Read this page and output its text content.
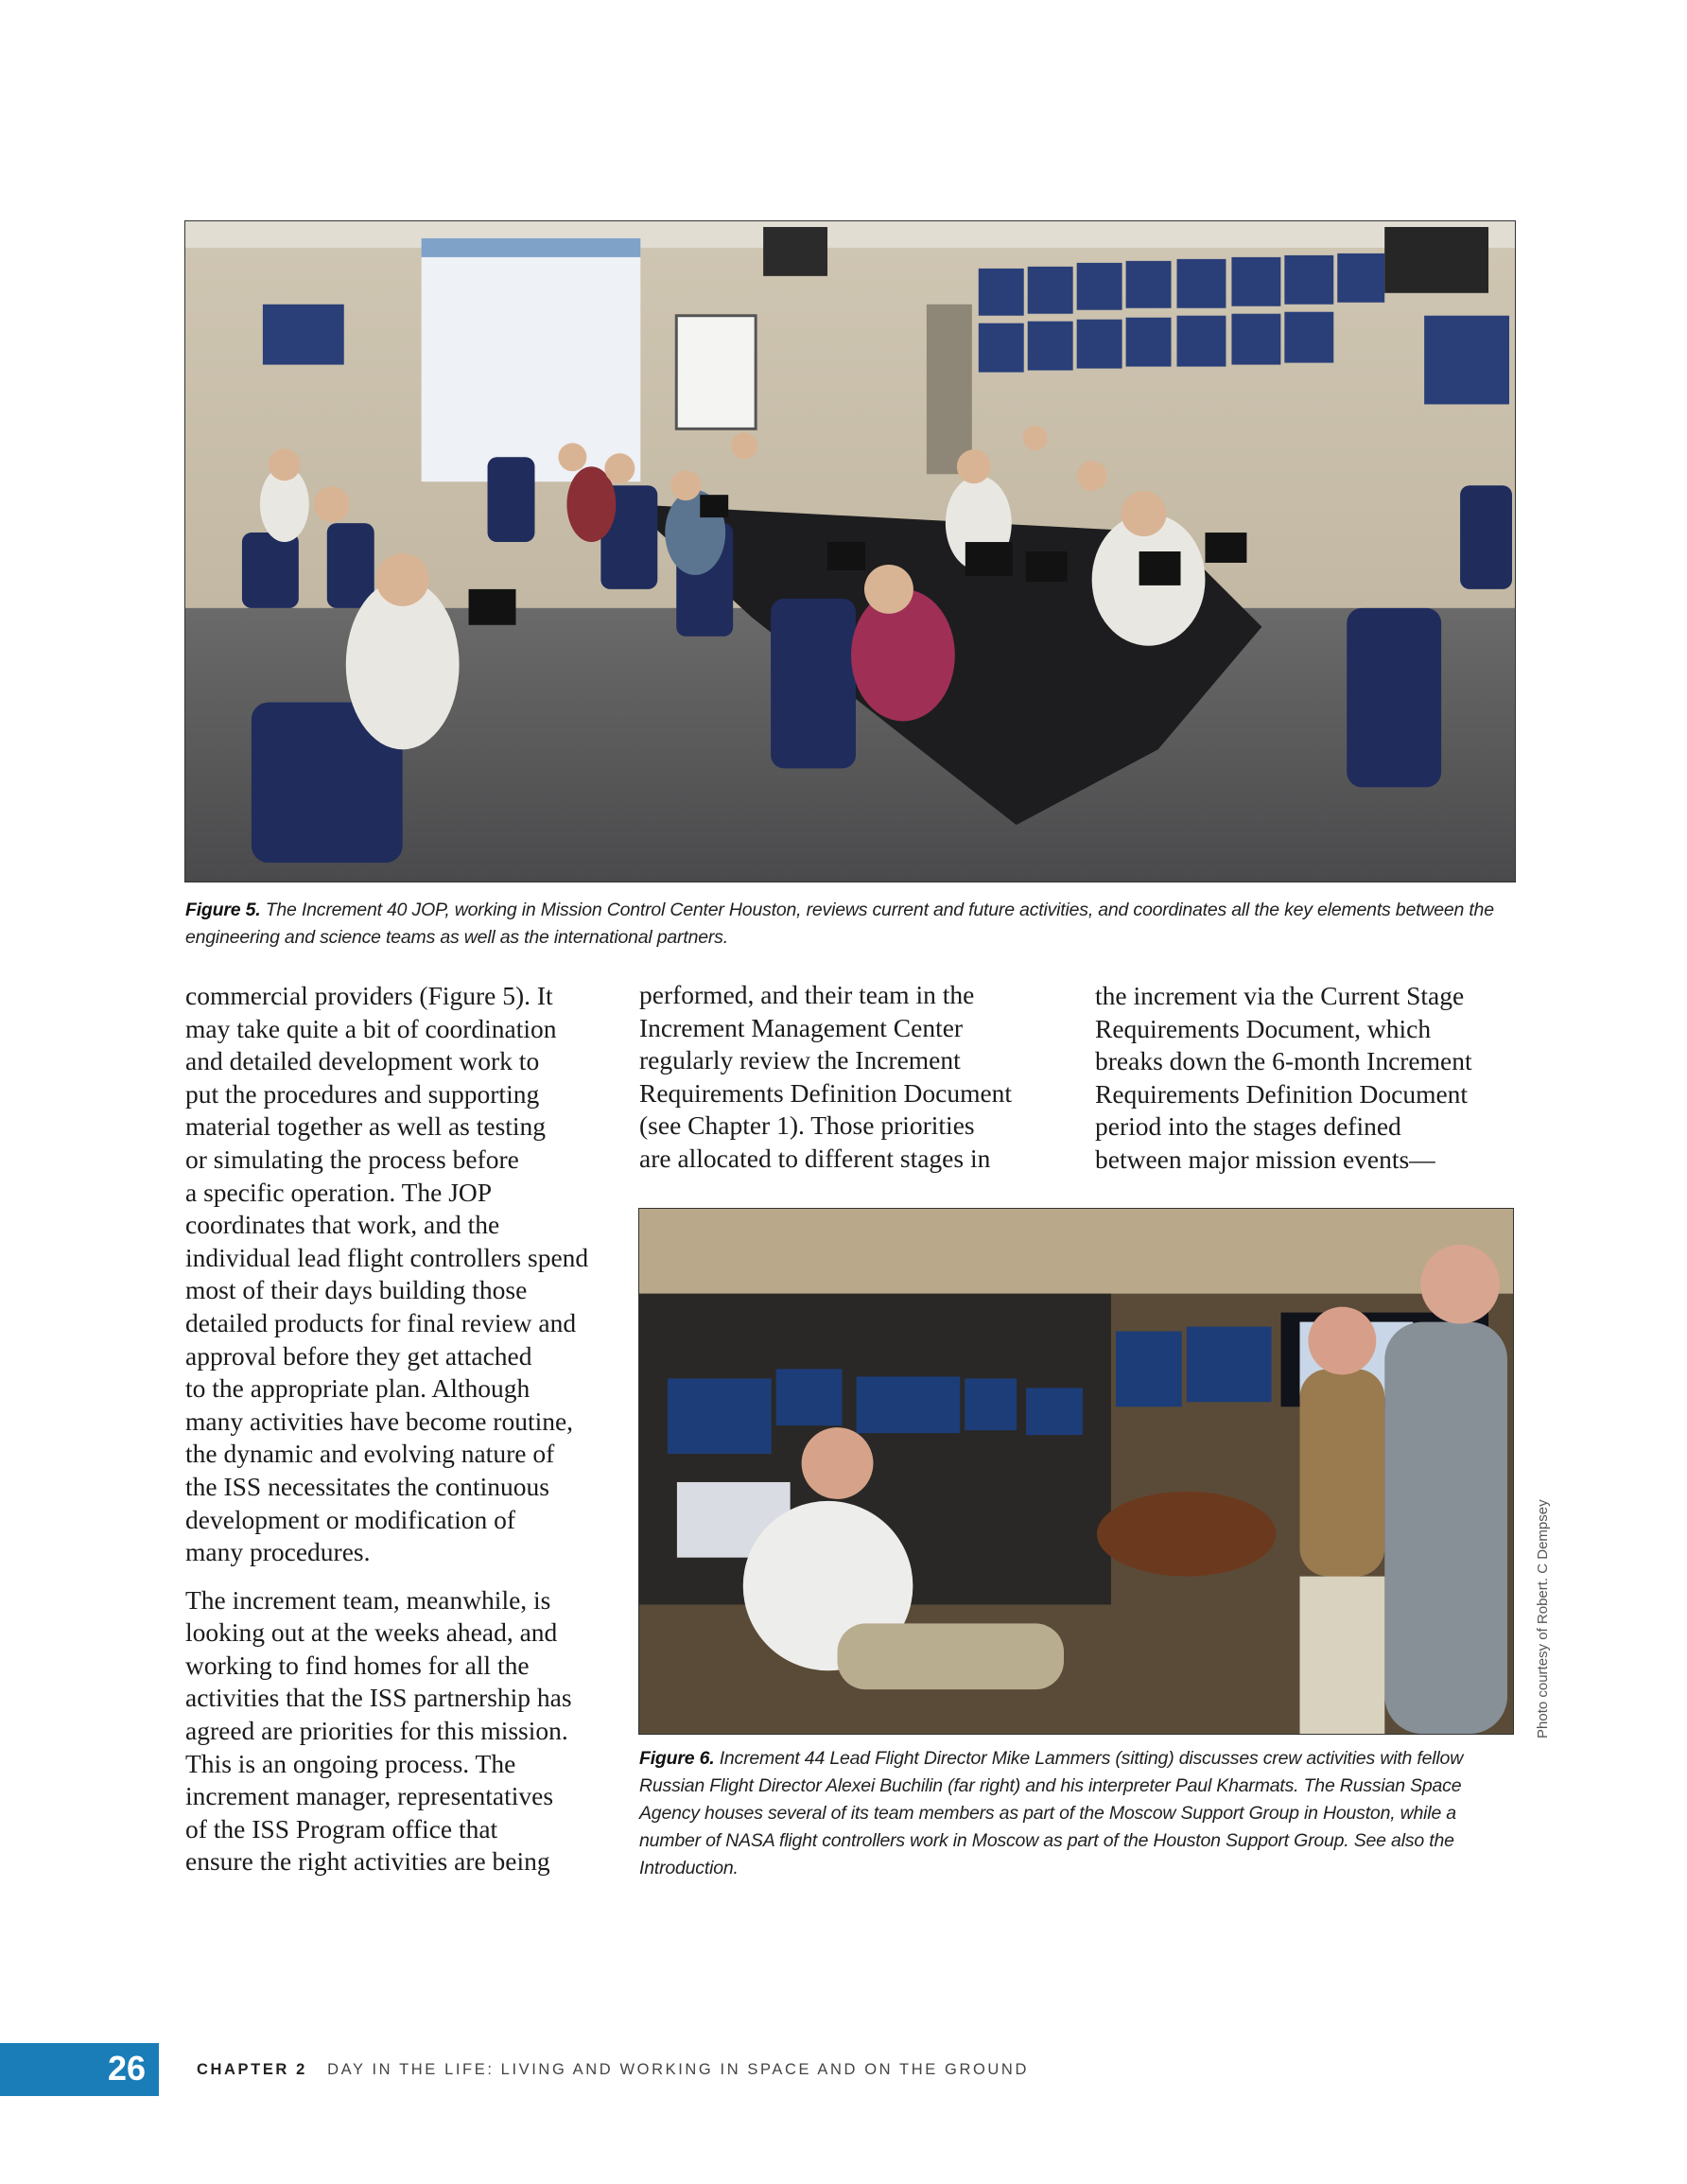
Figure 5. The Increment 40 JOP, working in Mission Control Center Houston, reviews current and future activities, and coordinates all the key elements between the engineering and science teams as well as the international partners.

commercial providers (Figure 5). It
may take quite a bit of coordination
and detailed development work to
put the procedures and supporting
material together as well as testing
or simulating the process before
a specific operation. The JOP
coordinates that work, and the
individual lead flight controllers spend
most of their days building those
detailed products for final review and
approval before they get attached
to the appropriate plan. Although
many activities have become routine,
the dynamic and evolving nature of
the ISS necessitates the continuous
development or modification of
many procedures.

The increment team, meanwhile, is
looking out at the weeks ahead, and
working to find homes for all the
activities that the ISS partnership has
agreed are priorities for this mission.
This is an ongoing process. The
increment manager, representatives
of the ISS Program office that
ensure the right activities are being

performed, and their team in the
Increment Management Center
regularly review the Increment
Requirements Definition Document
(see Chapter 1). Those priorities
are allocated to different stages in

the increment via the Current Stage
Requirements Document, which
breaks down the 6-month Increment
Requirements Definition Document
period into the stages defined
between major mission events—

Photo courtesy of Robert. C Dempsey
Figure 6. Increment 44 Lead Flight Director Mike Lammers (sitting) discusses crew activities with fellow Russian Flight Director Alexei Buchilin (far right) and his interpreter Paul Kharmats. The Russian Space Agency houses several of its team members as part of the Moscow Support Group in Houston, while a number of NASA flight controllers work in Moscow as part of the Houston Support Group. See also the Introduction.
26	CHAPTER 2 DAY IN THE LIFE: LIVING AND WORKING IN SPACE AND ON THE GROUND
